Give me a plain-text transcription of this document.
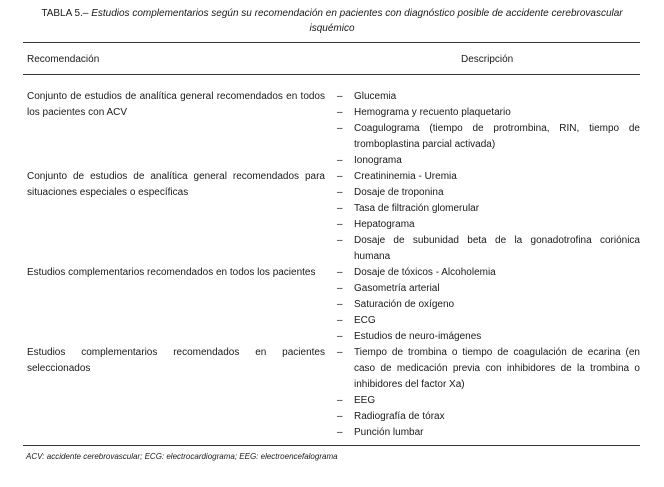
TABLA 5.– Estudios complementarios según su recomendación en pacientes con diagnóstico posible de accidente cerebrovascular isquémico
Recomendación	Descripción
Conjunto de estudios de analítica general recomendados en todos los pacientes con ACV
– Glucemia
– Hemograma y recuento plaquetario
– Coagulograma (tiempo de protrombina, RIN, tiempo de tromboplastina parcial activada)
– Ionograma
Conjunto de estudios de analítica general recomendados para situaciones especiales o específicas
– Creatininemia - Uremia
– Dosaje de troponina
– Tasa de filtración glomerular
– Hepatograma
– Dosaje de subunidad beta de la gonadotrofina coriónica humana
Estudios complementarios recomendados en todos los pacientes	– Dosaje de tóxicos - Alcoholemia
– Gasometría arterial
– Saturación de oxígeno
– ECG
– Estudios de neuro-imágenes
Estudios complementarios recomendados en pacientes seleccionados
– Tiempo de trombina o tiempo de coagulación de ecarina (en caso de medicación previa con inhibidores de la trombina o inhibidores del factor Xa)
– EEG
– Radiografía de tórax
– Punción lumbar
ACV: accidente cerebrovascular; ECG: electrocardiograma; EEG: electroencefalograma
